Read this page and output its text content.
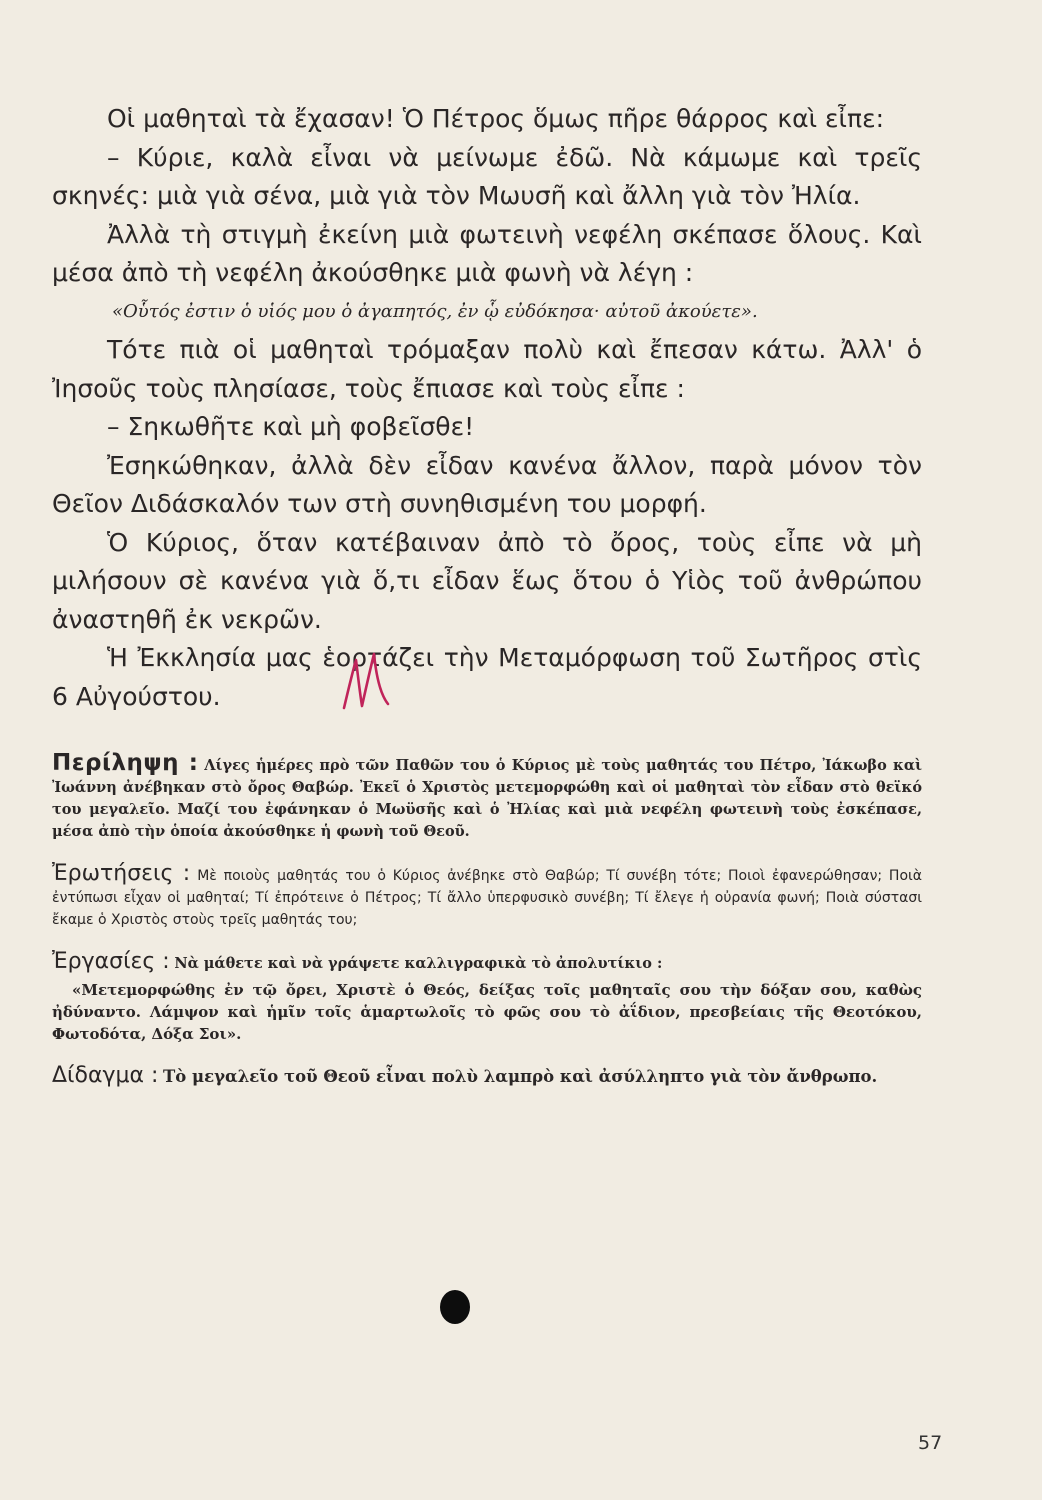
Οἱ μαθηταὶ τὰ ἔχασαν! Ὁ Πέτρος ὅμως πῆρε θάρρος καὶ εἶπε:

– Κύριε, καλὰ εἶναι νὰ μείνωμε ἐδῶ. Νὰ κάμωμε καὶ τρεῖς σκηνές: μιὰ γιὰ σένα, μιὰ γιὰ τὸν Μωυσῆ καὶ ἄλλη γιὰ τὸν Ἠλία.

Ἀλλὰ τὴ στιγμὴ ἐκείνη μιὰ φωτεινὴ νεφέλη σκέπασε ὅλους. Καὶ μέσα ἀπὸ τὴ νεφέλη ἀκούσθηκε μιὰ φωνὴ νὰ λέγη :

«Οὗτός ἐστιν ὁ υἱός μου ὁ ἀγαπητός, ἐν ᾧ εὐδόκησα· αὐτοῦ ἀκούετε».

Τότε πιὰ οἱ μαθηταὶ τρόμαξαν πολὺ καὶ ἔπεσαν κάτω. Ἀλλ' ὁ Ἰησοῦς τοὺς πλησίασε, τοὺς ἔπιασε καὶ τοὺς εἶπε :

– Σηκωθῆτε καὶ μὴ φοβεῖσθε!

Ἐσηκώθηκαν, ἀλλὰ δὲν εἶδαν κανένα ἄλλον, παρὰ μόνον τὸν Θεῖον Διδάσκαλόν των στὴ συνηθισμένη του μορφή.

Ὁ Κύριος, ὅταν κατέβαιναν ἀπὸ τὸ ὄρος, τοὺς εἶπε νὰ μὴ μιλήσουν σὲ κανένα γιὰ ὅ,τι εἶδαν ἕως ὅτου ὁ Υἱὸς τοῦ ἀνθρώπου ἀναστηθῆ ἐκ νεκρῶν.

Ἡ Ἐκκλησία μας ἑορτάζει τὴν Μεταμόρφωση τοῦ Σωτῆρος στὶς 6 Αὐγούστου.

Περίληψη : Λίγες ἡμέρες πρὸ τῶν Παθῶν του ὁ Κύριος μὲ τοὺς μαθητάς του Πέτρο, Ἰάκωβο καὶ Ἰωάννη ἀνέβηκαν στὸ ὄρος Θαβώρ. Ἐκεῖ ὁ Χριστὸς μετεμορφώθη καὶ οἱ μαθηταὶ τὸν εἶδαν στὸ θεϊκό του μεγαλεῖο. Μαζί του ἐφάνηκαν ὁ Μωϋσῆς καὶ ὁ Ἠλίας καὶ μιὰ νεφέλη φωτεινὴ τοὺς ἐσκέπασε, μέσα ἀπὸ τὴν ὁποία ἀκούσθηκε ἡ φωνὴ τοῦ Θεοῦ.

Ἐρωτήσεις : Μὲ ποιοὺς μαθητάς του ὁ Κύριος ἀνέβηκε στὸ Θαβώρ; Τί συνέβη τότε; Ποιοὶ ἐφανερώθησαν; Ποιὰ ἐντύπωσι εἶχαν οἱ μαθηταί; Τί ἐπρότεινε ὁ Πέτρος; Τί ἄλλο ὑπερφυσικὸ συνέβη; Τί ἔλεγε ἡ οὐρανία φωνή; Ποιὰ σύστασι ἔκαμε ὁ Χριστὸς στοὺς τρεῖς μαθητάς του;

Ἐργασίες : Νὰ μάθετε καὶ νὰ γράψετε καλλιγραφικὰ τὸ ἀπολυτίκιο :

«Μετεμορφώθης ἐν τῷ ὄρει, Χριστὲ ὁ Θεός, δείξας τοῖς μαθηταῖς σου τὴν δόξαν σου, καθὼς ἠδύναντο. Λάμψον καὶ ἡμῖν τοῖς ἁμαρτωλοῖς τὸ φῶς σου τὸ ἀΐδιον, πρεσβείαις τῆς Θεοτόκου, Φωτοδότα, Δόξα Σοι».

Δίδαγμα : Τὸ μεγαλεῖο τοῦ Θεοῦ εἶναι πολὺ λαμπρὸ καὶ ἀσύλληπτο γιὰ τὸν ἄνθρωπο.

57
